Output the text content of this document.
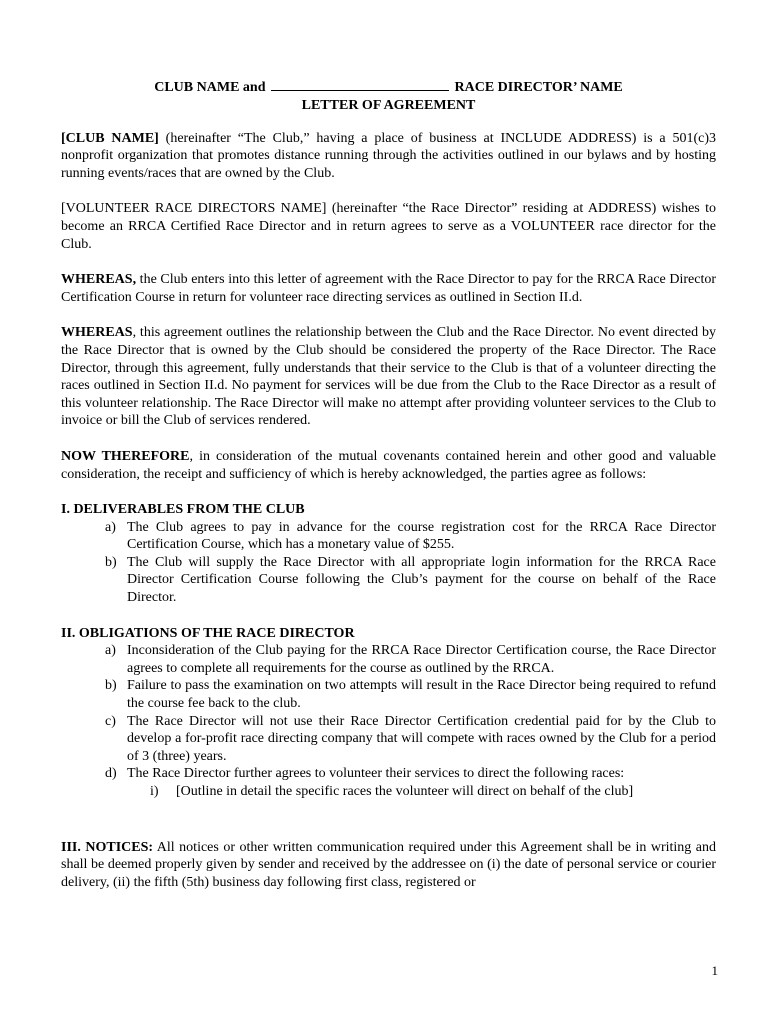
CLUB NAME and	RACE DIRECTOR’ NAME
LETTER OF AGREEMENT

[CLUB NAME] (hereinafter “The Club,” having a place of business at INCLUDE ADDRESS) is a 501(c)3 nonprofit organization that promotes distance running through the activities outlined in our bylaws and by hosting running events/races that are owned by the Club.

[VOLUNTEER RACE DIRECTORS NAME] (hereinafter “the Race Director” residing at ADDRESS) wishes to become an RRCA Certified Race Director and in return agrees to serve as a VOLUNTEER race director for the Club.

WHEREAS, the Club enters into this letter of agreement with the Race Director to pay for the RRCA Race Director Certification Course in return for volunteer race directing services as outlined in Section II.d.

WHEREAS, this agreement outlines the relationship between the Club and the Race Director. No event directed by the Race Director that is owned by the Club should be considered the property of the Race Director. The Race Director, through this agreement, fully understands that their service to the Club is that of a volunteer directing the races outlined in Section II.d. No payment for services will be due from the Club to the Race Director as a result of this volunteer relationship. The Race Director will make no attempt after providing volunteer services to the Club to invoice or bill the Club of services rendered.

NOW THEREFORE, in consideration of the mutual covenants contained herein and other good and valuable consideration, the receipt and sufficiency of which is hereby acknowledged, the parties agree as follows:

I. DELIVERABLES FROM THE CLUB
a) The Club agrees to pay in advance for the course registration cost for the RRCA Race Director Certification Course, which has a monetary value of $255.
b) The Club will supply the Race Director with all appropriate login information for the RRCA Race Director Certification Course following the Club’s payment for the course on behalf of the Race Director.
II. OBLIGATIONS OF THE RACE DIRECTOR
a) Inconsideration of the Club paying for the RRCA Race Director Certification course, the Race Director agrees to complete all requirements for the course as outlined by the RRCA.
b) Failure to pass the examination on two attempts will result in the Race Director being required to refund the course fee back to the club.
c) The Race Director will not use their Race Director Certification credential paid for by the Club to develop a for-profit race directing company that will compete with races owned by the Club for a period of 3 (three) years.
d) The Race Director further agrees to volunteer their services to direct the following races:
i) [Outline in detail the specific races the volunteer will direct on behalf of the club]

III. NOTICES: All notices or other written communication required under this Agreement shall be in writing and shall be deemed properly given by sender and received by the addressee on (i) the date of personal service or courier delivery, (ii) the fifth (5th) business day following first class, registered or

1
